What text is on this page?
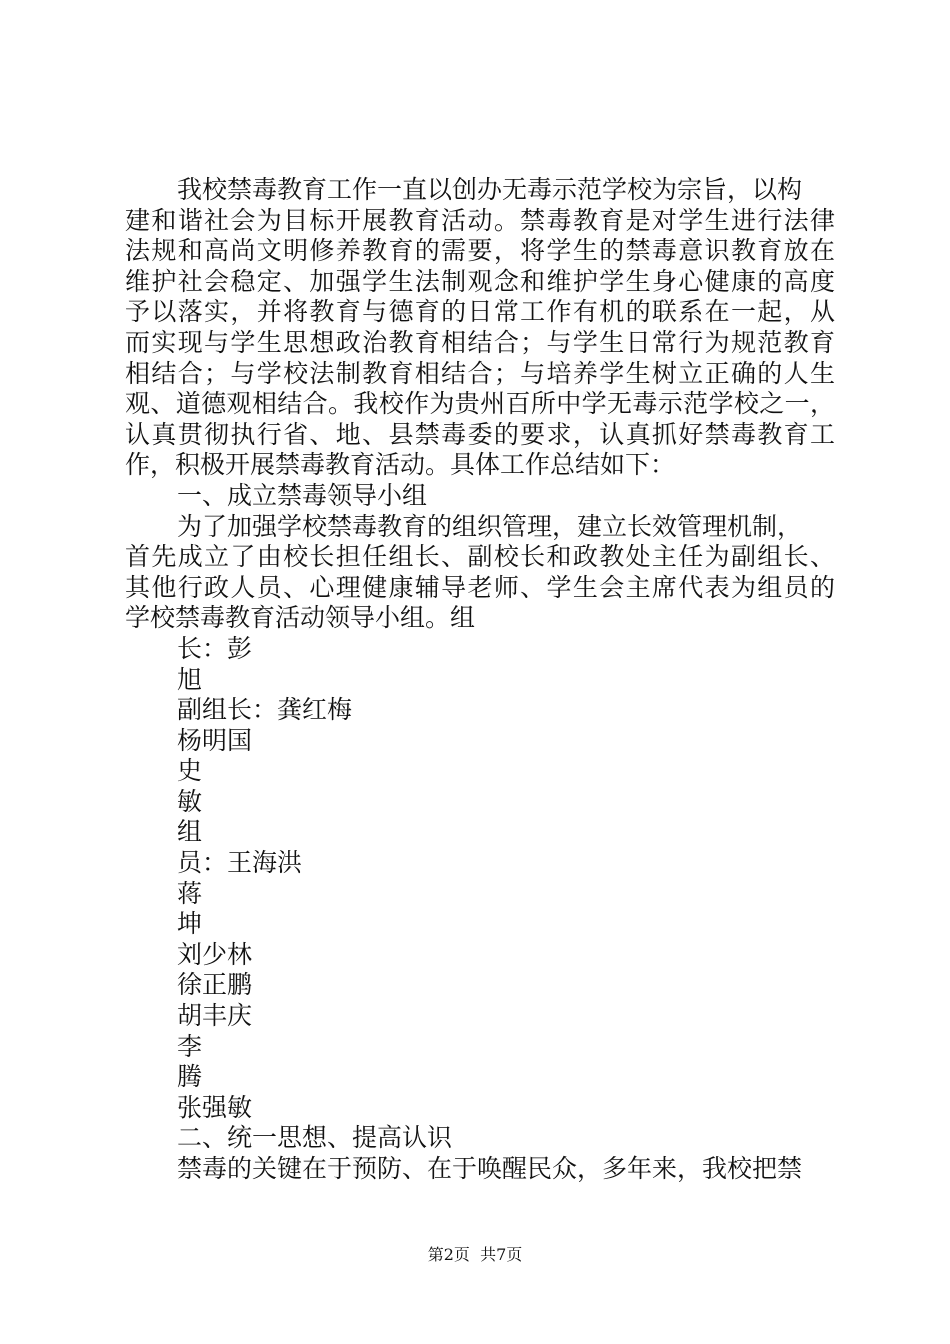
我校禁毒教育工作一直以创办无毒示范学校为宗旨，以构
建和谐社会为目标开展教育活动。禁毒教育是对学生进行法律
法规和高尚文明修养教育的需要，将学生的禁毒意识教育放在
维护社会稳定、加强学生法制观念和维护学生身心健康的高度
予以落实，并将教育与德育的日常工作有机的联系在一起，从
而实现与学生思想政治教育相结合；与学生日常行为规范教育
相结合；与学校法制教育相结合；与培养学生树立正确的人生
观、道德观相结合。我校作为贵州百所中学无毒示范学校之一，
认真贯彻执行省、地、县禁毒委的要求，认真抓好禁毒教育工
作，积极开展禁毒教育活动。具体工作总结如下：
一、成立禁毒领导小组
为了加强学校禁毒教育的组织管理，建立长效管理机制，
首先成立了由校长担任组长、副校长和政教处主任为副组长、
其他行政人员、心理健康辅导老师、学生会主席代表为组员的
学校禁毒教育活动领导小组。组
长：彭
旭
副组长：龚红梅
杨明国
史
敏
组
员：王海洪
蒋
坤
刘少林
徐正鹏
胡丰庆
李
腾
张强敏
二、统一思想、提高认识
禁毒的关键在于预防、在于唤醒民众，多年来，我校把禁
第2页  共7页
